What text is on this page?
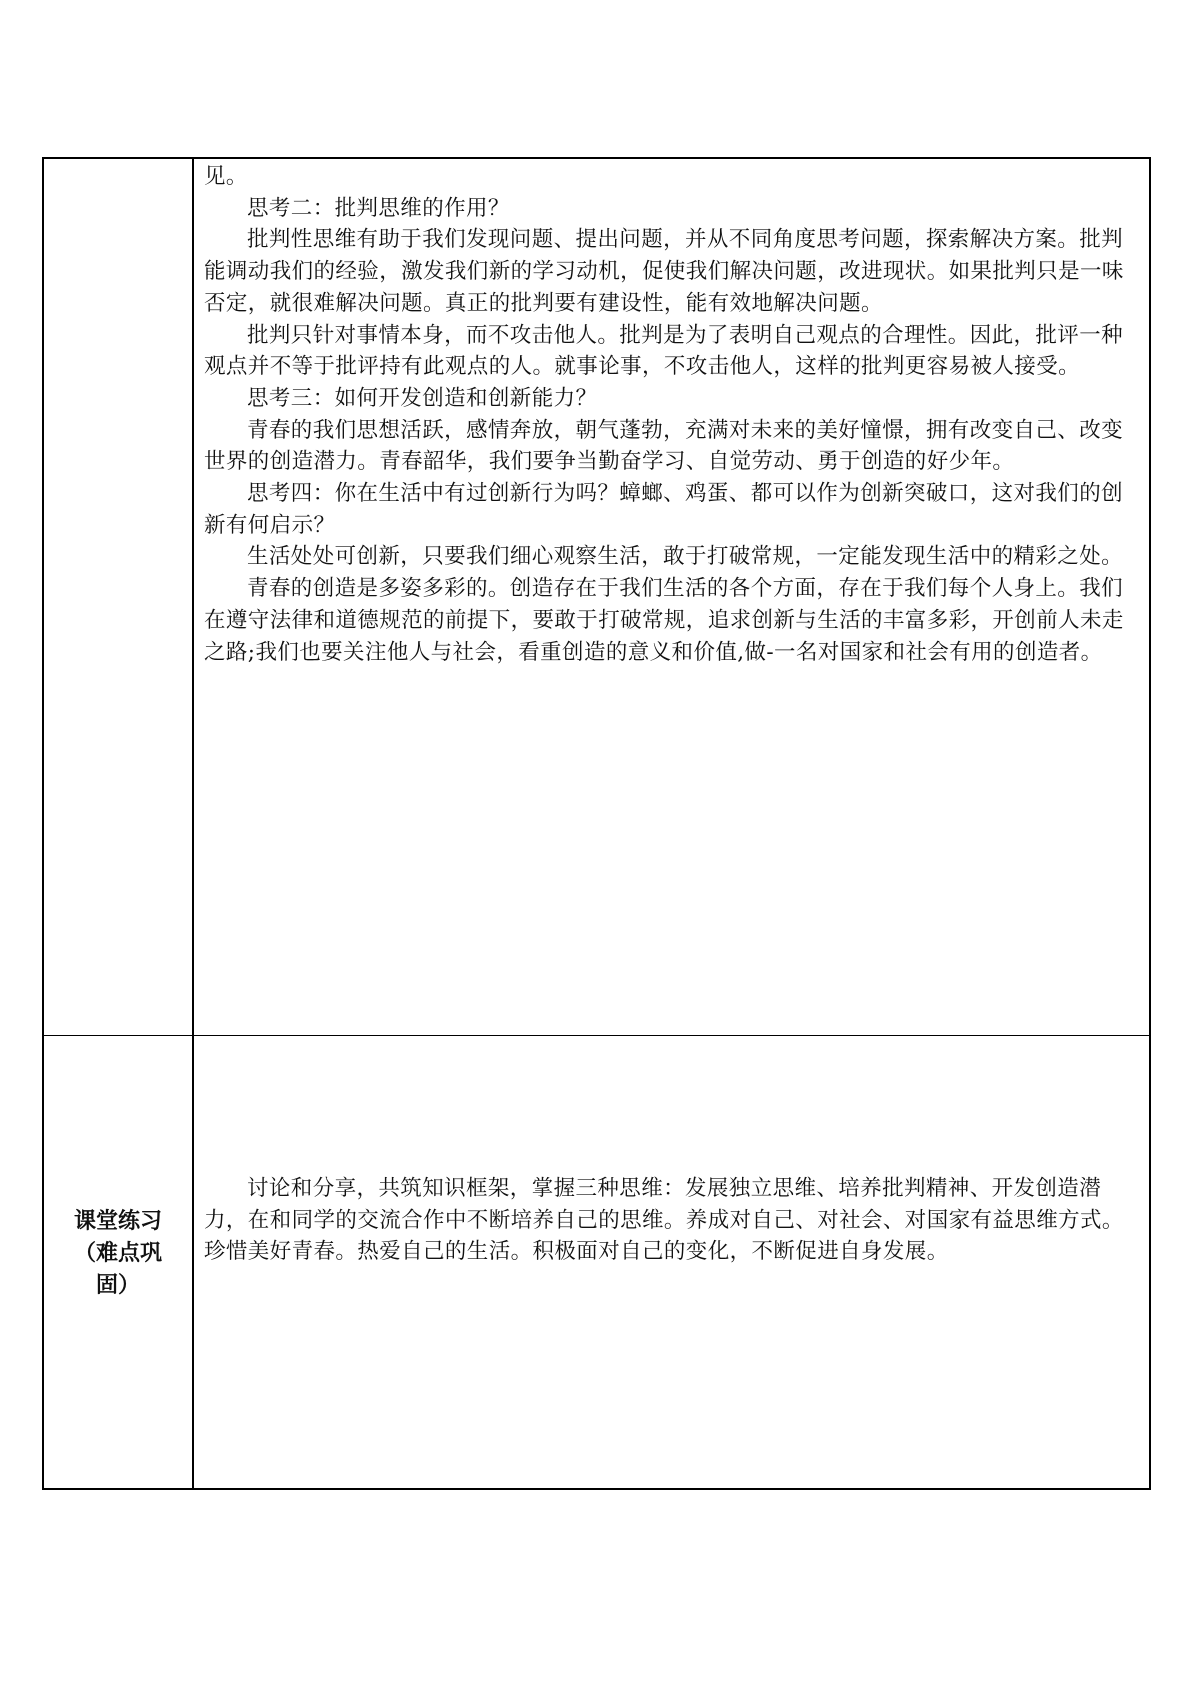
见。

思考二：批判思维的作用？

批判性思维有助于我们发现问题、提出问题，并从不同角度思考问题，探索解决方案。批判能调动我们的经验，激发我们新的学习动机，促使我们解决问题，改进现状。如果批判只是一味否定，就很难解决问题。真正的批判要有建设性，能有效地解决问题。

批判只针对事情本身，而不攻击他人。批判是为了表明自己观点的合理性。因此，批评一种观点并不等于批评持有此观点的人。就事论事，不攻击他人，这样的批判更容易被人接受。

思考三：如何开发创造和创新能力？

青春的我们思想活跃，感情奔放，朝气蓬勃，充满对未来的美好憧憬，拥有改变自己、改变世界的创造潜力。青春韶华，我们要争当勤奋学习、自觉劳动、勇于创造的好少年。

思考四：你在生活中有过创新行为吗？蟑螂、鸡蛋、都可以作为创新突破口，这对我们的创新有何启示？

生活处处可创新，只要我们细心观察生活，敢于打破常规，一定能发现生活中的精彩之处。

青春的创造是多姿多彩的。创造存在于我们生活的各个方面，存在于我们每个人身上。我们在遵守法律和道德规范的前提下，要敢于打破常规，追求创新与生活的丰富多彩，开创前人未走之路;我们也要关注他人与社会，看重创造的意义和价值,做-一名对国家和社会有用的创造者。

课堂练习（难点巩固）

讨论和分享，共筑知识框架，掌握三种思维：发展独立思维、培养批判精神、开发创造潜力，在和同学的交流合作中不断培养自己的思维。养成对自己、对社会、对国家有益思维方式。珍惜美好青春。热爱自己的生活。积极面对自己的变化，不断促进自身发展。
